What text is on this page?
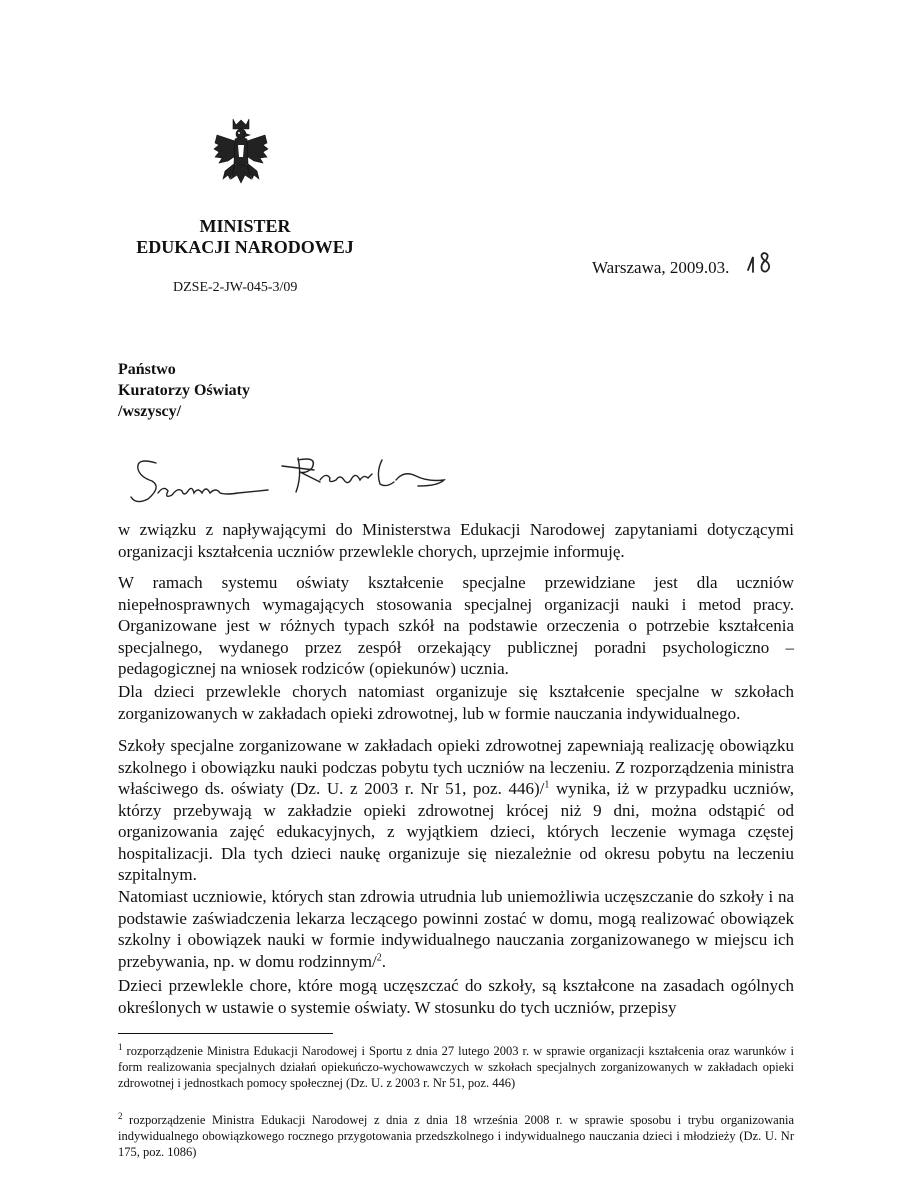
MINISTER
EDUKACJI NARODOWEJ
DZSE-2-JW-045-3/09
Warszawa, 2009.03.
Państwo
Kuratorzy Oświaty
/wszyscy/

w związku z napływającymi do Ministerstwa Edukacji Narodowej zapytaniami dotyczącymi organizacji kształcenia uczniów przewlekle chorych, uprzejmie informuję.

W ramach systemu oświaty kształcenie specjalne przewidziane jest dla uczniów niepełnosprawnych wymagających stosowania specjalnej organizacji nauki i metod pracy. Organizowane jest w różnych typach szkół na podstawie orzeczenia o potrzebie kształcenia specjalnego, wydanego przez zespół orzekający publicznej poradni psychologiczno – pedagogicznej na wniosek rodziców (opiekunów) ucznia.

Dla dzieci przewlekle chorych natomiast organizuje się kształcenie specjalne w szkołach zorganizowanych w zakładach opieki zdrowotnej, lub w formie nauczania indywidualnego.

Szkoły specjalne zorganizowane w zakładach opieki zdrowotnej zapewniają realizację obowiązku szkolnego i obowiązku nauki podczas pobytu tych uczniów na leczeniu. Z rozporządzenia ministra właściwego ds. oświaty (Dz. U. z 2003 r. Nr 51, poz. 446)/$^1$ wynika, iż w przypadku uczniów, którzy przebywają w zakładzie opieki zdrowotnej krócej niż 9 dni, można odstąpić od organizowania zajęć edukacyjnych, z wyjątkiem dzieci, których leczenie wymaga częstej hospitalizacji. Dla tych dzieci naukę organizuje się niezależnie od okresu pobytu na leczeniu szpitalnym.

Natomiast uczniowie, których stan zdrowia utrudnia lub uniemożliwia uczęszczanie do szkoły i na podstawie zaświadczenia lekarza leczącego powinni zostać w domu, mogą realizować obowiązek szkolny i obowiązek nauki w formie indywidualnego nauczania zorganizowanego w miejscu ich przebywania, np. w domu rodzinnym/$^2$.

Dzieci przewlekle chore, które mogą uczęszczać do szkoły, są kształcone na zasadach ogólnych określonych w ustawie o systemie oświaty. W stosunku do tych uczniów, przepisy

$^1$ rozporządzenie Ministra Edukacji Narodowej i Sportu z dnia 27 lutego 2003 r. w sprawie organizacji kształcenia oraz warunków i form realizowania specjalnych działań opiekuńczo-wychowawczych w szkołach specjalnych zorganizowanych w zakładach opieki zdrowotnej i jednostkach pomocy społecznej (Dz. U. z 2003 r. Nr 51, poz. 446)

$^2$ rozporządzenie Ministra Edukacji Narodowej z dnia z dnia 18 września 2008 r. w sprawie sposobu i trybu organizowania indywidualnego obowiązkowego rocznego przygotowania przedszkolnego i indywidualnego nauczania dzieci i młodzieży (Dz. U. Nr 175, poz. 1086)
